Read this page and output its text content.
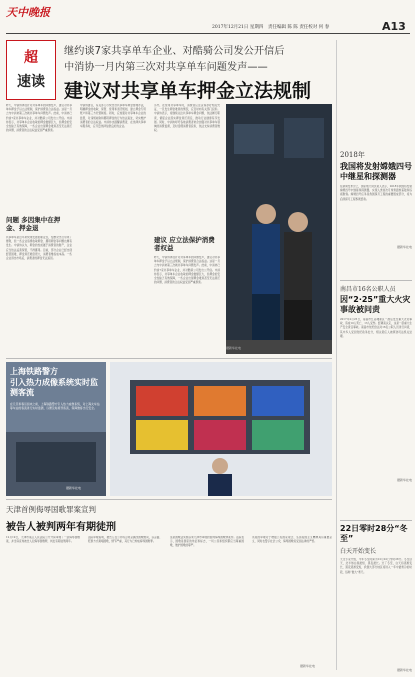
天中晚报
2017年12月21日 星期四 责任编辑 陈 陈 责任校对 何 春	A13
超
速读
继约谈7家共享单车企业、对酷骑公司发公开信后
中消协一月内第三次对共享单车问题发声——
建议对共享单车押金立法规制
昨天，中消协再度针对共享单车的问题发声，建议对共享单车押金予以立法规制，保护消费者合法权益。这是一月之内中消协第三次就共享单车问题发声。此前，中消协已约谈7家共享单车企业，并对酷骑公司发出公开信。中消协表示，共享单车企业收取的押金数额巨大，但押金的安全性缺乏有效保障，一些企业出现押金难退甚至无法退还的问题，消费者的合法权益受到严重损害。
问题 多因集中在押金、押金退
共享单车是近年来快速发展的新业态，给群众出行带来了便利，但一些企业违规收取押金、挪用押金等问题也屡有发生。中消协认为，押金的性质属于消费者的财产，企业应当依法妥善保管，不得挪用。目前，部分企业已经出现经营困难，押金退还难度很大，消费者维权成本高。一些企业退出市场后，消费者的押金无法追回。
中消协建议，有关部门尽快出台共享单车押金管理办法，明确押金的收取、保管、使用和退还规则，建立押金专用账户和第三方托管制度。同时，应加强对共享单车企业的监管，对违规收取和挪用押金的行为依法查处，切实维护消费者的合法权益。中消协也提醒消费者，在选择共享单车服务时，应尽量选择信誉良好的企业。
另外，在使用共享单车时，消费者应注意保存好相关凭证，一旦发生押金难退的情况，应及时向有关部门投诉。中消协表示，将继续关注共享单车押金问题，依法履行职责，督促企业落实押金退还责任，推动行业健康有序发展。同时，中消协呼吁各地消费者协会加强对共享单车领域的消费监督，及时受理消费者投诉，依法支持消费者维权。
建议 应立法保护消费者权益
昨天，中消协再度针对共享单车的问题发声，建议对共享单车押金予以立法规制，保护消费者合法权益。这是一月之内中消协第三次就共享单车问题发声。此前，中消协已约谈7家共享单车企业，并对酷骑公司发出公开信。中消协表示，共享单车企业收取的押金数额巨大，但押金的安全性缺乏有效保障，一些企业出现押金难退甚至无法退还的问题，消费者的合法权益受到严重损害。
据新华社电
上海铁路警方
引入热力成像系统实时监测客流
在元旦和春运到来之前，上海铁路警方引入热力成像系统，对上海火车站等车站的客流进行实时监测，以便及时疏导客流，保障旅客出行安全。
据新华社电
天津首例侮辱国歌罪案宣判
被告人被判两年有期徒刑
12月19日，天津市某区人民法院公开开庭审理了一起侮辱国歌案，并当庭宣判被告人犯侮辱国歌罪，判处有期徒刑两年。
法院审理查明，被告人在公共场合故意篡改国歌歌词，以歪曲、贬损方式奏唱国歌，情节严重，其行为已构成侮辱国歌罪。
这是国歌法实施以来天津市审理的首例侮辱国歌罪案件。法院表示，国歌是国家的象征和标志，一切公民和组织都应当尊重国歌，维护国歌的尊严。
该案的审理对于增强公民国家观念、弘扬爱国主义精神具有重要意义，同时也警示社会公众，侮辱国歌将受到法律的严惩。
据新华社电
2018年
我国将发射嫦娥四号中继星和探测器
在新闻发布会上，国家航天局负责人表示，2018年我国将发射嫦娥四号中继星和探测器，实现人类首次月球背面软着陆和巡视勘察。嫦娥四号任务是我国探月工程的重要组成部分，将为后续探月工程积累经验。
据新华社电
南昌市16名公职人员
因“2·25”重大火灾事故被问责
2017年2月25日，南昌市红谷滩新区一酒店发生重大火灾事故，造成10人死亡、13人受伤。经调查认定，这是一起重大生产安全责任事故。南昌市依纪依法对16名公职人员进行问责，其中多人受到党纪政务处分，相关责任人被移送司法机关处理。
据新华社电
22日零时28分“冬至”
白天开始变长
天文专家介绍，今年冬至时间为12月22日零时28分。冬至这天，北半球白昼最短、黑夜最长。过了冬至，白天将逐渐变长，黑夜逐渐变短，我国大部分地区将进入一年中最寒冷的时段，俗称“数九”寒天。
据新华社电
